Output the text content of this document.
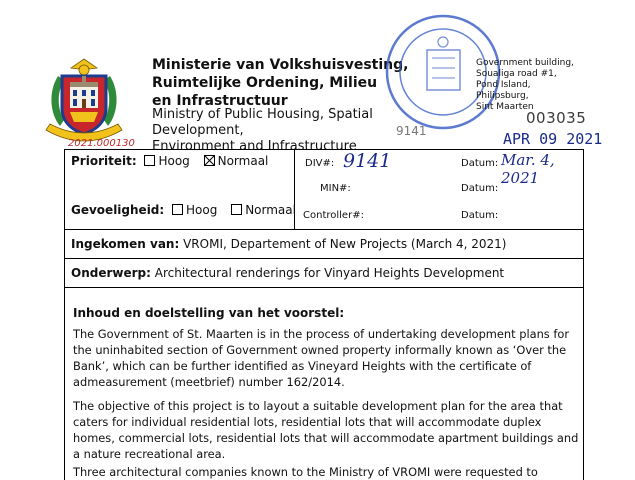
Ministerie van Volkshuisvesting,
Ruimtelijke Ordening, Milieu
en Infrastructuur
Ministry of Public Housing, Spatial Development,
Environment and Infrastructure
Government building,
Soualiga road #1,
Pond Island,
Philipsburg,
Sint Maarten
003035
APR 09 2021
9141
2021.000130
Prioriteit: Hoog Normaal
Gevoeligheid: Hoog Normaal
DIV#: 9141
MIN#:
Controller#:
Datum: Mar. 4, 2021
Datum:
Datum:
Ingekomen van: VROMI, Departement of New Projects (March 4, 2021)
Onderwerp: Architectural renderings for Vinyard Heights Development
Inhoud en doelstelling van het voorstel:
The Government of St. Maarten is in the process of undertaking development plans for
the uninhabited section of Government owned property informally known as ‘Over the
Bank’, which can be further identified as Vineyard Heights with the certificate of
admeasurement (meetbrief) number 162/2014.
The objective of this project is to layout a suitable development plan for the area that
caters for individual residential lots, residential lots that will accommodate duplex
homes, commercial lots, residential lots that will accommodate apartment buildings and
a nature recreational area.
Three architectural companies known to the Ministry of VROMI were requested to
